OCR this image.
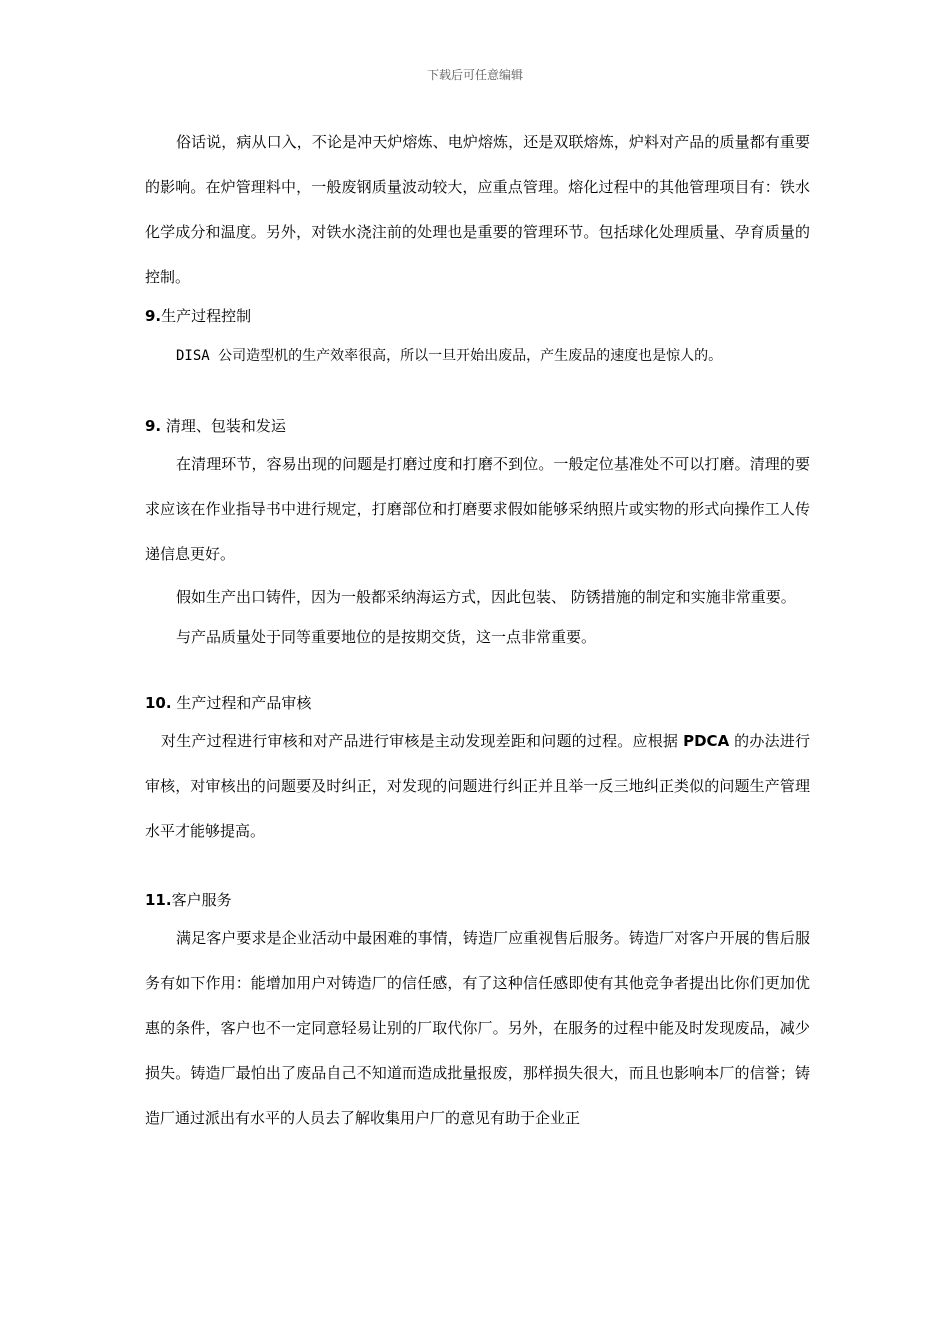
下载后可任意编辑

俗话说，病从口入，不论是冲天炉熔炼、电炉熔炼，还是双联熔炼，炉料对产品的质量都有重要的影响。在炉管理料中，一般废钢质量波动较大，应重点管理。熔化过程中的其他管理项目有：铁水化学成分和温度。另外，对铁水浇注前的处理也是重要的管理环节。包括球化处理质量、孕育质量的控制。

9.生产过程控制

DISA 公司造型机的生产效率很高，所以一旦开始出废品，产生废品的速度也是惊人的。

9. 清理、包装和发运

在清理环节，容易出现的问题是打磨过度和打磨不到位。一般定位基准处不可以打磨。清理的要求应该在作业指导书中进行规定，打磨部位和打磨要求假如能够采纳照片或实物的形式向操作工人传递信息更好。

假如生产出口铸件，因为一般都采纳海运方式，因此包装、 防锈措施的制定和实施非常重要。

与产品质量处于同等重要地位的是按期交货，这一点非常重要。

10. 生产过程和产品审核

对生产过程进行审核和对产品进行审核是主动发现差距和问题的过程。应根据 PDCA 的办法进行审核，对审核出的问题要及时纠正，对发现的问题进行纠正并且举一反三地纠正类似的问题生产管理水平才能够提高。

11.客户服务

满足客户要求是企业活动中最困难的事情，铸造厂应重视售后服务。铸造厂对客户开展的售后服务有如下作用：能增加用户对铸造厂的信任感，有了这种信任感即使有其他竞争者提出比你们更加优惠的条件，客户也不一定同意轻易让别的厂取代你厂。另外，在服务的过程中能及时发现废品，减少损失。铸造厂最怕出了废品自己不知道而造成批量报废，那样损失很大，而且也影响本厂的信誉；铸造厂通过派出有水平的人员去了解收集用户厂的意见有助于企业正
